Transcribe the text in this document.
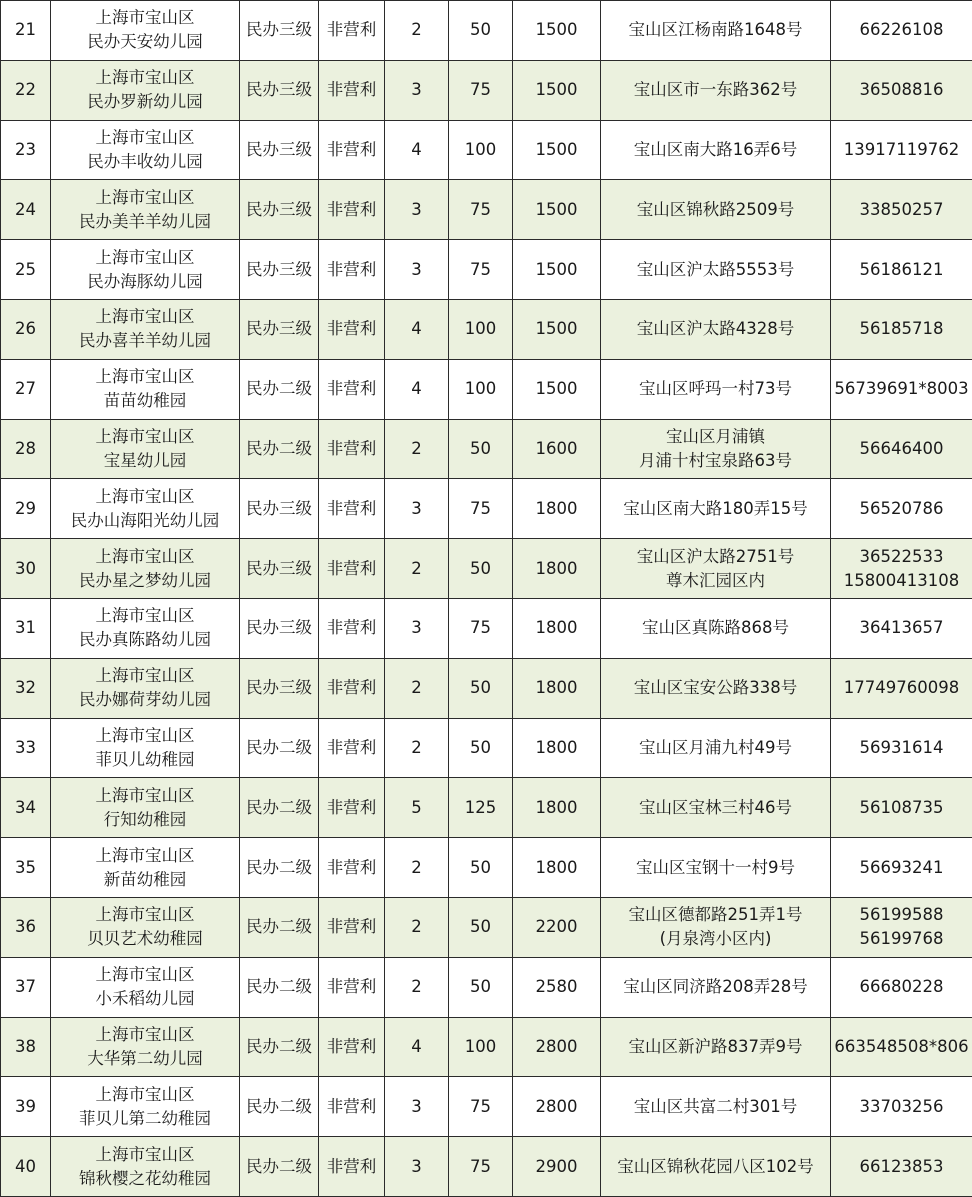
21	上海市宝山区
民办天安幼儿园	民办三级	非营利	2	50	1500	宝山区江杨南路1648号	66226108

22	上海市宝山区
民办罗新幼儿园	民办三级	非营利	3	75	1500	宝山区市一东路362号	36508816

23	上海市宝山区
民办丰收幼儿园	民办三级	非营利	4	100	1500	宝山区南大路16弄6号	13917119762

24	上海市宝山区
民办美羊羊幼儿园	民办三级	非营利	3	75	1500	宝山区锦秋路2509号	33850257

25	上海市宝山区
民办海豚幼儿园	民办三级	非营利	3	75	1500	宝山区沪太路5553号	56186121

26	上海市宝山区
民办喜羊羊幼儿园	民办三级	非营利	4	100	1500	宝山区沪太路4328号	56185718

27	上海市宝山区
苗苗幼稚园	民办二级	非营利	4	100	1500	宝山区呼玛一村73号	56739691*8003

28	上海市宝山区
宝星幼儿园	民办二级	非营利	2	50	1600	宝山区月浦镇
月浦十村宝泉路63号	56646400

29	上海市宝山区
民办山海阳光幼儿园	民办三级	非营利	3	75	1800	宝山区南大路180弄15号	56520786

30	上海市宝山区
民办星之梦幼儿园	民办三级	非营利	2	50	1800	宝山区沪太路2751号
尊木汇园区内	36522533
15800413108

31	上海市宝山区
民办真陈路幼儿园	民办三级	非营利	3	75	1800	宝山区真陈路868号	36413657

32	上海市宝山区
民办娜荷芽幼儿园	民办三级	非营利	2	50	1800	宝山区宝安公路338号	17749760098

33	上海市宝山区
菲贝儿幼稚园	民办二级	非营利	2	50	1800	宝山区月浦九村49号	56931614

34	上海市宝山区
行知幼稚园	民办二级	非营利	5	125	1800	宝山区宝林三村46号	56108735

35	上海市宝山区
新苗幼稚园	民办二级	非营利	2	50	1800	宝山区宝钢十一村9号	56693241

36	上海市宝山区
贝贝艺术幼稚园	民办二级	非营利	2	50	2200	宝山区德都路251弄1号
(月泉湾小区内)	56199588
56199768

37	上海市宝山区
小禾稻幼儿园	民办二级	非营利	2	50	2580	宝山区同济路208弄28号	66680228

38	上海市宝山区
大华第二幼儿园	民办二级	非营利	4	100	2800	宝山区新沪路837弄9号	663548508*806

39	上海市宝山区
菲贝儿第二幼稚园	民办二级	非营利	3	75	2800	宝山区共富二村301号	33703256

40	上海市宝山区
锦秋樱之花幼稚园	民办二级	非营利	3	75	2900	宝山区锦秋花园八区102号	66123853
